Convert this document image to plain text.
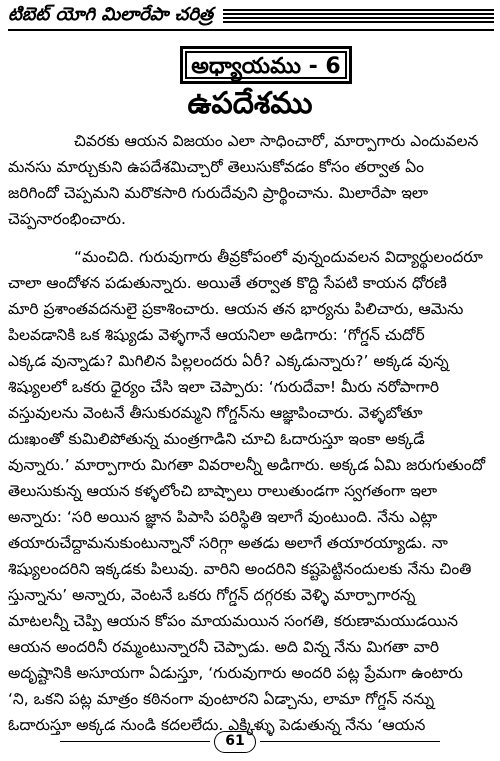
టిబెట్ యోగి మిలారేపా చరిత్ర
అధ్యాయము - 6
ఉపదేశము
చివరకు ఆయన విజయం ఎలా సాధించారో, మార్పాగారు ఎందువలన
మనసు మార్చుకుని ఉపదేశమిచ్చారో తెలుసుకోవడం కోసం తర్వాత ఏం
జరిగిందో చెప్పమని మరొకసారి గురుదేవుని ప్రార్థించాను. మిలారేపా ఇలా
చెప్పనారంభించారు.
“మంచిది. గురువుగారు తీవ్రకోపంలో వున్నందువలన విద్యార్థులందరూ
చాలా ఆందోళన పడుతున్నారు. అయితే తర్వాత కొద్ది సేపటి కాయన ధోరణి
మారి ప్రశాంతవదనులై ప్రకాశించారు. ఆయన తన భార్యను పిలిచారు, ఆమెను
పిలవడానికి ఒక శిష్యుడు వెళ్ళగానే ఆయనిలా అడిగారు: ‘గోగ్డన్ చుదోర్
ఎక్కడ వున్నాడు? మిగిలిన పిల్లలందరు ఏరీ? ఎక్కడున్నారు?’ అక్కడ వున్న
శిష్యులలో ఒకరు ధైర్యం చేసి ఇలా చెప్పారు: ‘గురుదేవా! మీరు నరోపాగారి
వస్తువులను వెంటనే తీసుకురమ్మని గోగ్డన్‌ను ఆజ్ఞాపించారు. వెళ్ళబోతూ
దుఃఖంతో కుమిలిపోతున్న మంత్రగాడిని చూచి ఓదారుస్తూ ఇంకా అక్కడే
వున్నారు.’ మార్పాగారు మిగతా వివరాలన్నీ అడిగారు. అక్కడ ఏమి జరుగుతుందో
తెలుసుకున్న ఆయన కళ్ళలోంచి బాష్పాలు రాలుతుండగా స్వగతంగా ఇలా
అన్నారు: ‘సరి అయిన జ్ఞాన పిపాసి పరిస్థితి ఇలాగే వుంటుంది. నేను ఎట్లా
తయారుచేద్దామనుకుంటున్నానో సరిగ్గా అతడు అలాగే తయారయ్యాడు. నా
శిష్యులందరిని ఇక్కడకు పిలువు. వారిని అందరిని కష్టపెట్టినందులకు నేను చింతి
స్తున్నాను’ అన్నారు, వెంటనే ఒకరు గోగ్డన్ దగ్గరకు వెళ్ళి మార్పాగారన్న
మాటలన్నీ చెప్పి ఆయన కోపం మాయమయిన సంగతి, కరుణామయుడయిన
ఆయన అందరినీ రమ్మంటున్నారనీ చెప్పాడు. అది విన్న నేను మిగతా వారి
అదృష్టానికి అసూయగా ఏడుస్తూ, ‘గురువుగారు అందరి పట్ల ప్రేమగా ఉంటారు
‘ని, ఒకని పట్ల మాత్రం కఠినంగా వుంటారని ఏడ్చాను, లామా గోగ్డన్ నన్ను
ఓదారుస్తూ అక్కడ నుండి కదలలేదు. ఎక్కిళ్ళు పెడుతున్న నేను ‘ఆయన
61
